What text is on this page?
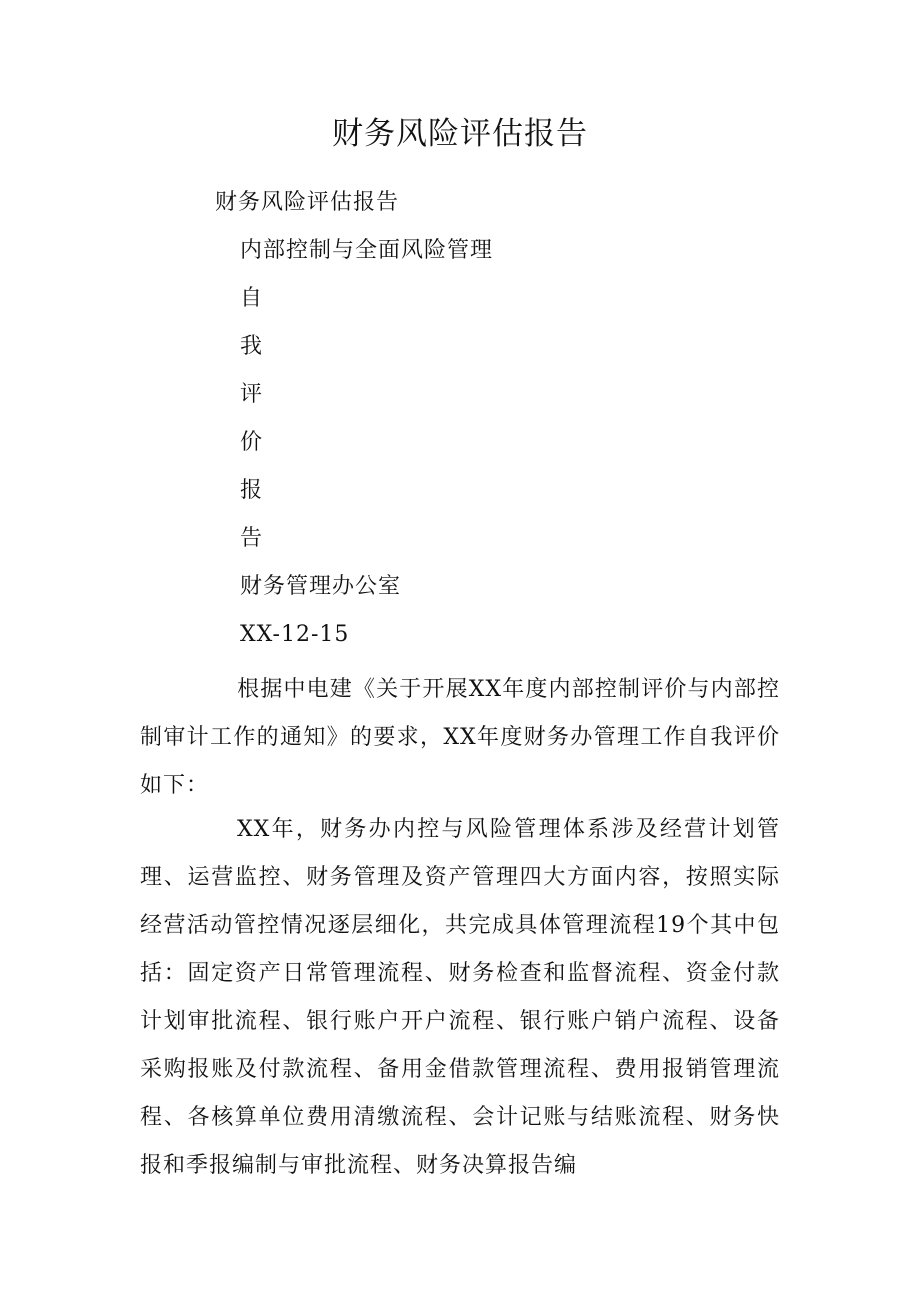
财务风险评估报告

财务风险评估报告

内部控制与全面风险管理

自

我

评

价

报

告

财务管理办公室

XX-12-15

根据中电建《关于开展XX年度内部控制评价与内部控制审计工作的通知》的要求，XX年度财务办管理工作自我评价如下：

XX年，财务办内控与风险管理体系涉及经营计划管理、运营监控、财务管理及资产管理四大方面内容，按照实际经营活动管控情况逐层细化，共完成具体管理流程19个其中包括：固定资产日常管理流程、财务检查和监督流程、资金付款计划审批流程、银行账户开户流程、银行账户销户流程、设备采购报账及付款流程、备用金借款管理流程、费用报销管理流程、各核算单位费用清缴流程、会计记账与结账流程、财务快报和季报编制与审批流程、财务决算报告编
